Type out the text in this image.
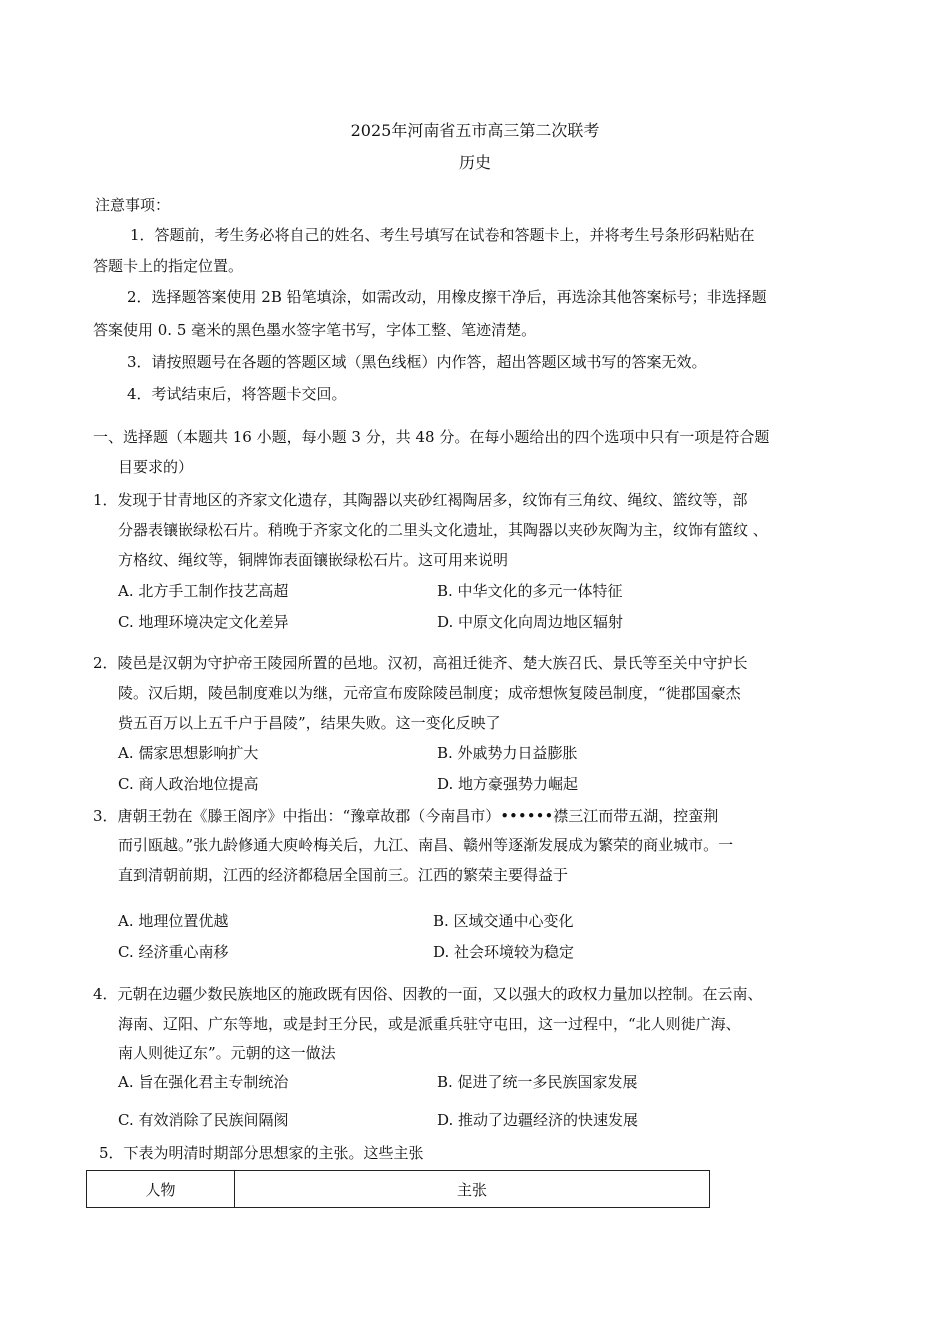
2025年河南省五市高三第二次联考
历史
注意事项：
1．答题前，考生务必将自己的姓名、考生号填写在试卷和答题卡上，并将考生号条形码粘贴在
答题卡上的指定位置。
2．选择题答案使用 2B 铅笔填涂，如需改动，用橡皮擦干净后，再选涂其他答案标号；非选择题
答案使用 0. 5 毫米的黑色墨水签字笔书写，字体工整、笔迹清楚。
3．请按照题号在各题的答题区域（黑色线框）内作答，超出答题区域书写的答案无效。
4．考试结束后，将答题卡交回。
一、选择题（本题共 16 小题，每小题 3 分，共 48 分。在每小题给出的四个选项中只有一项是符合题
目要求的）
1．发现于甘青地区的齐家文化遗存，其陶器以夹砂红褐陶居多，纹饰有三角纹、绳纹、篮纹等，部
分器表镶嵌绿松石片。稍晚于齐家文化的二里头文化遗址，其陶器以夹砂灰陶为主，纹饰有篮纹 、
方格纹、绳纹等，铜牌饰表面镶嵌绿松石片。这可用来说明
A. 北方手工制作技艺高超	B. 中华文化的多元一体特征
C. 地理环境决定文化差异	D. 中原文化向周边地区辐射
2．陵邑是汉朝为守护帝王陵园所置的邑地。汉初，高祖迁徙齐、楚大族召氏、景氏等至关中守护长
陵。汉后期，陵邑制度难以为继，元帝宣布废除陵邑制度；成帝想恢复陵邑制度，“徙郡国豪杰
赀五百万以上五千户于昌陵”，结果失败。这一变化反映了
A. 儒家思想影响扩大	B. 外戚势力日益膨胀
C. 商人政治地位提高	D. 地方豪强势力崛起
3．唐朝王勃在《滕王阁序》中指出：“豫章故郡（今南昌市）••••••襟三江而带五湖，控蛮荆
而引瓯越。”张九龄修通大庾岭梅关后，九江、南昌、赣州等逐渐发展成为繁荣的商业城市。一
直到清朝前期，江西的经济都稳居全国前三。江西的繁荣主要得益于
A. 地理位置优越	B. 区域交通中心变化
C. 经济重心南移	D. 社会环境较为稳定
4．元朝在边疆少数民族地区的施政既有因俗、因教的一面，又以强大的政权力量加以控制。在云南、
海南、辽阳、广东等地，或是封王分民，或是派重兵驻守屯田，这一过程中，“北人则徙广海、
南人则徙辽东”。元朝的这一做法
A. 旨在强化君主专制统治	B. 促进了统一多民族国家发展
C. 有效消除了民族间隔阂	D. 推动了边疆经济的快速发展
5．下表为明清时期部分思想家的主张。这些主张
人物	主张
